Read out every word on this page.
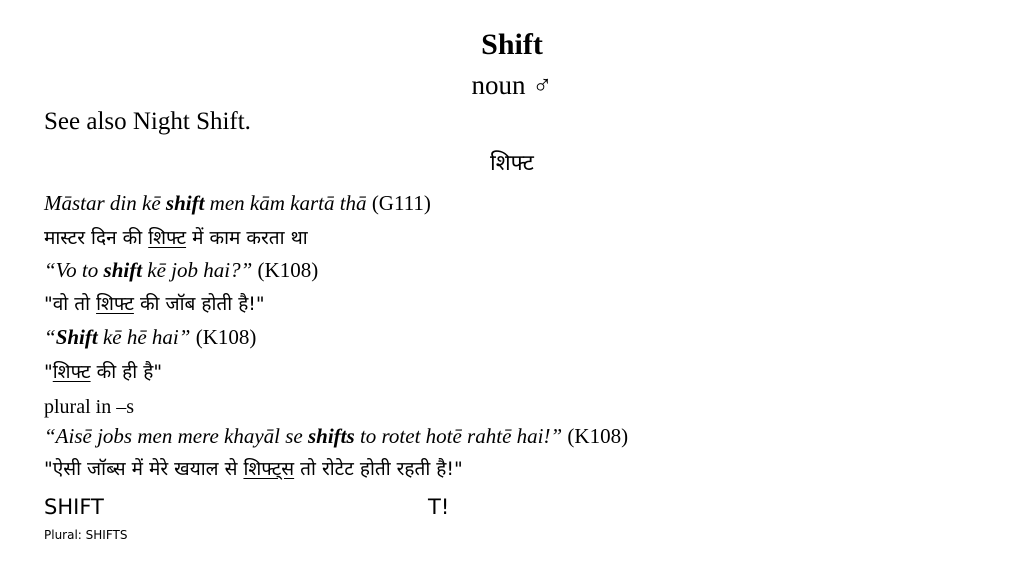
Shift
noun ♂
See also Night Shift.
शिफ्ट
Māstar din kē shift men kām kartā thā (G111)
मास्टर दिन की शिफ्ट में काम करता था
“Vo to shift kē job hai?” (K108)
"वो तो शिफ्ट की जॉब होती है!"
“Shift kē hē hai” (K108)
"शिफ्ट की ही है"
plural in –s
“Aisē jobs men mere khayāl se shifts to rotet hotē rahtē hai!” (K108)
"ऐसी जॉब्स में मेरे खयाल से शिफ्ट्स तो रोटेट होती रहती है!"
SHIFT	T!
Plural: SHIFTS
